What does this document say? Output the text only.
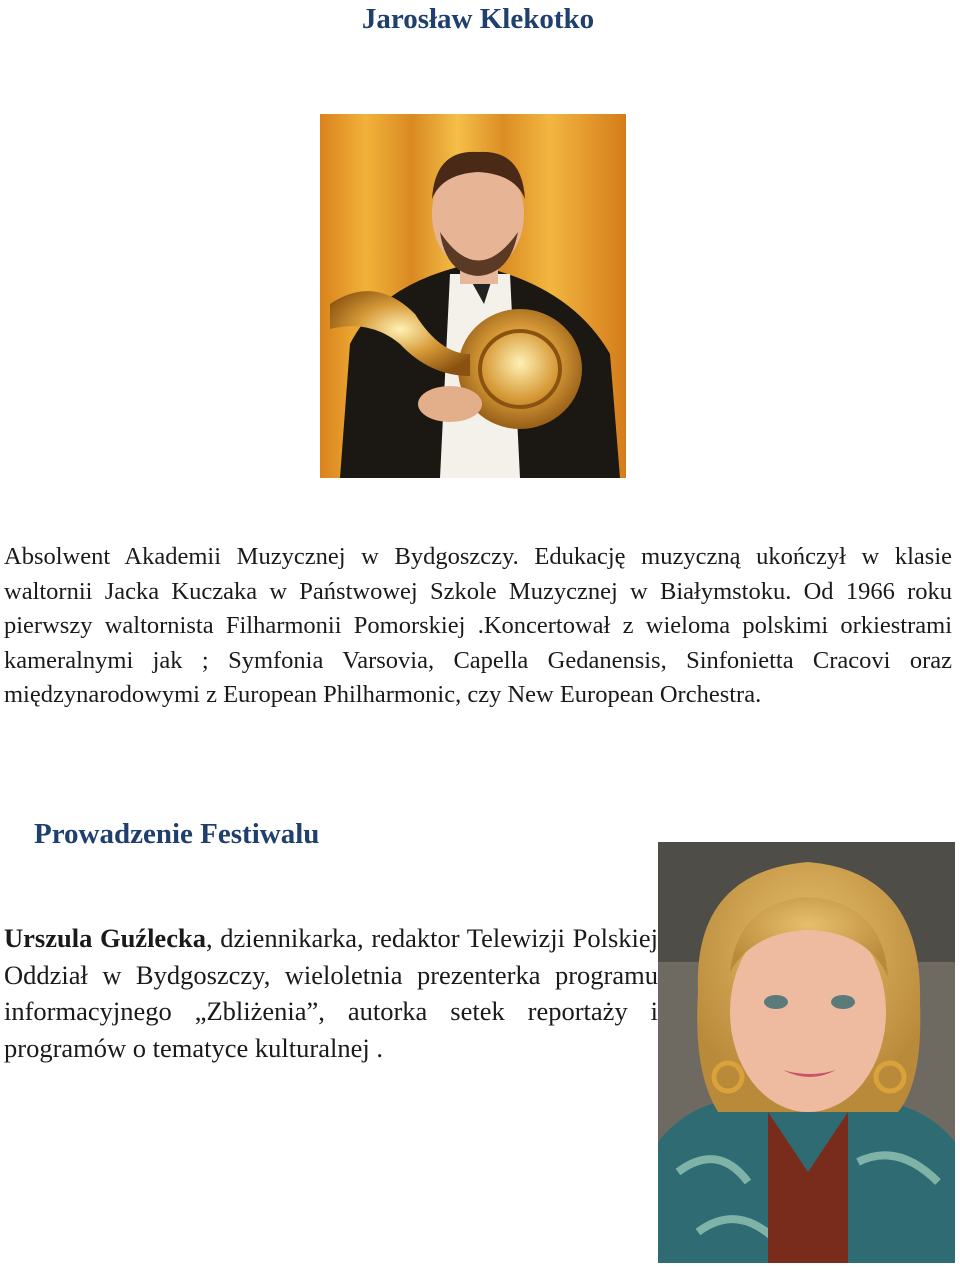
Jarosław Klekotko

Absolwent Akademii Muzycznej w Bydgoszczy. Edukację muzyczną ukończył w klasie waltornii Jacka Kuczaka w Państwowej Szkole Muzycznej w Białymstoku. Od 1966 roku pierwszy waltornista Filharmonii Pomorskiej .Koncertował z wieloma polskimi orkiestrami kameralnymi jak ; Symfonia Varsovia, Capella Gedanensis, Sinfonietta Cracovi oraz międzynarodowymi z European Philharmonic, czy New European Orchestra.

Prowadzenie Festiwalu

Urszula Guźlecka, dziennikarka, redaktor Telewizji Polskiej Oddział w Bydgoszczy, wieloletnia prezenterka programu informacyjnego „Zbliżenia”, autorka setek reportaży i programów o tematyce kulturalnej .
